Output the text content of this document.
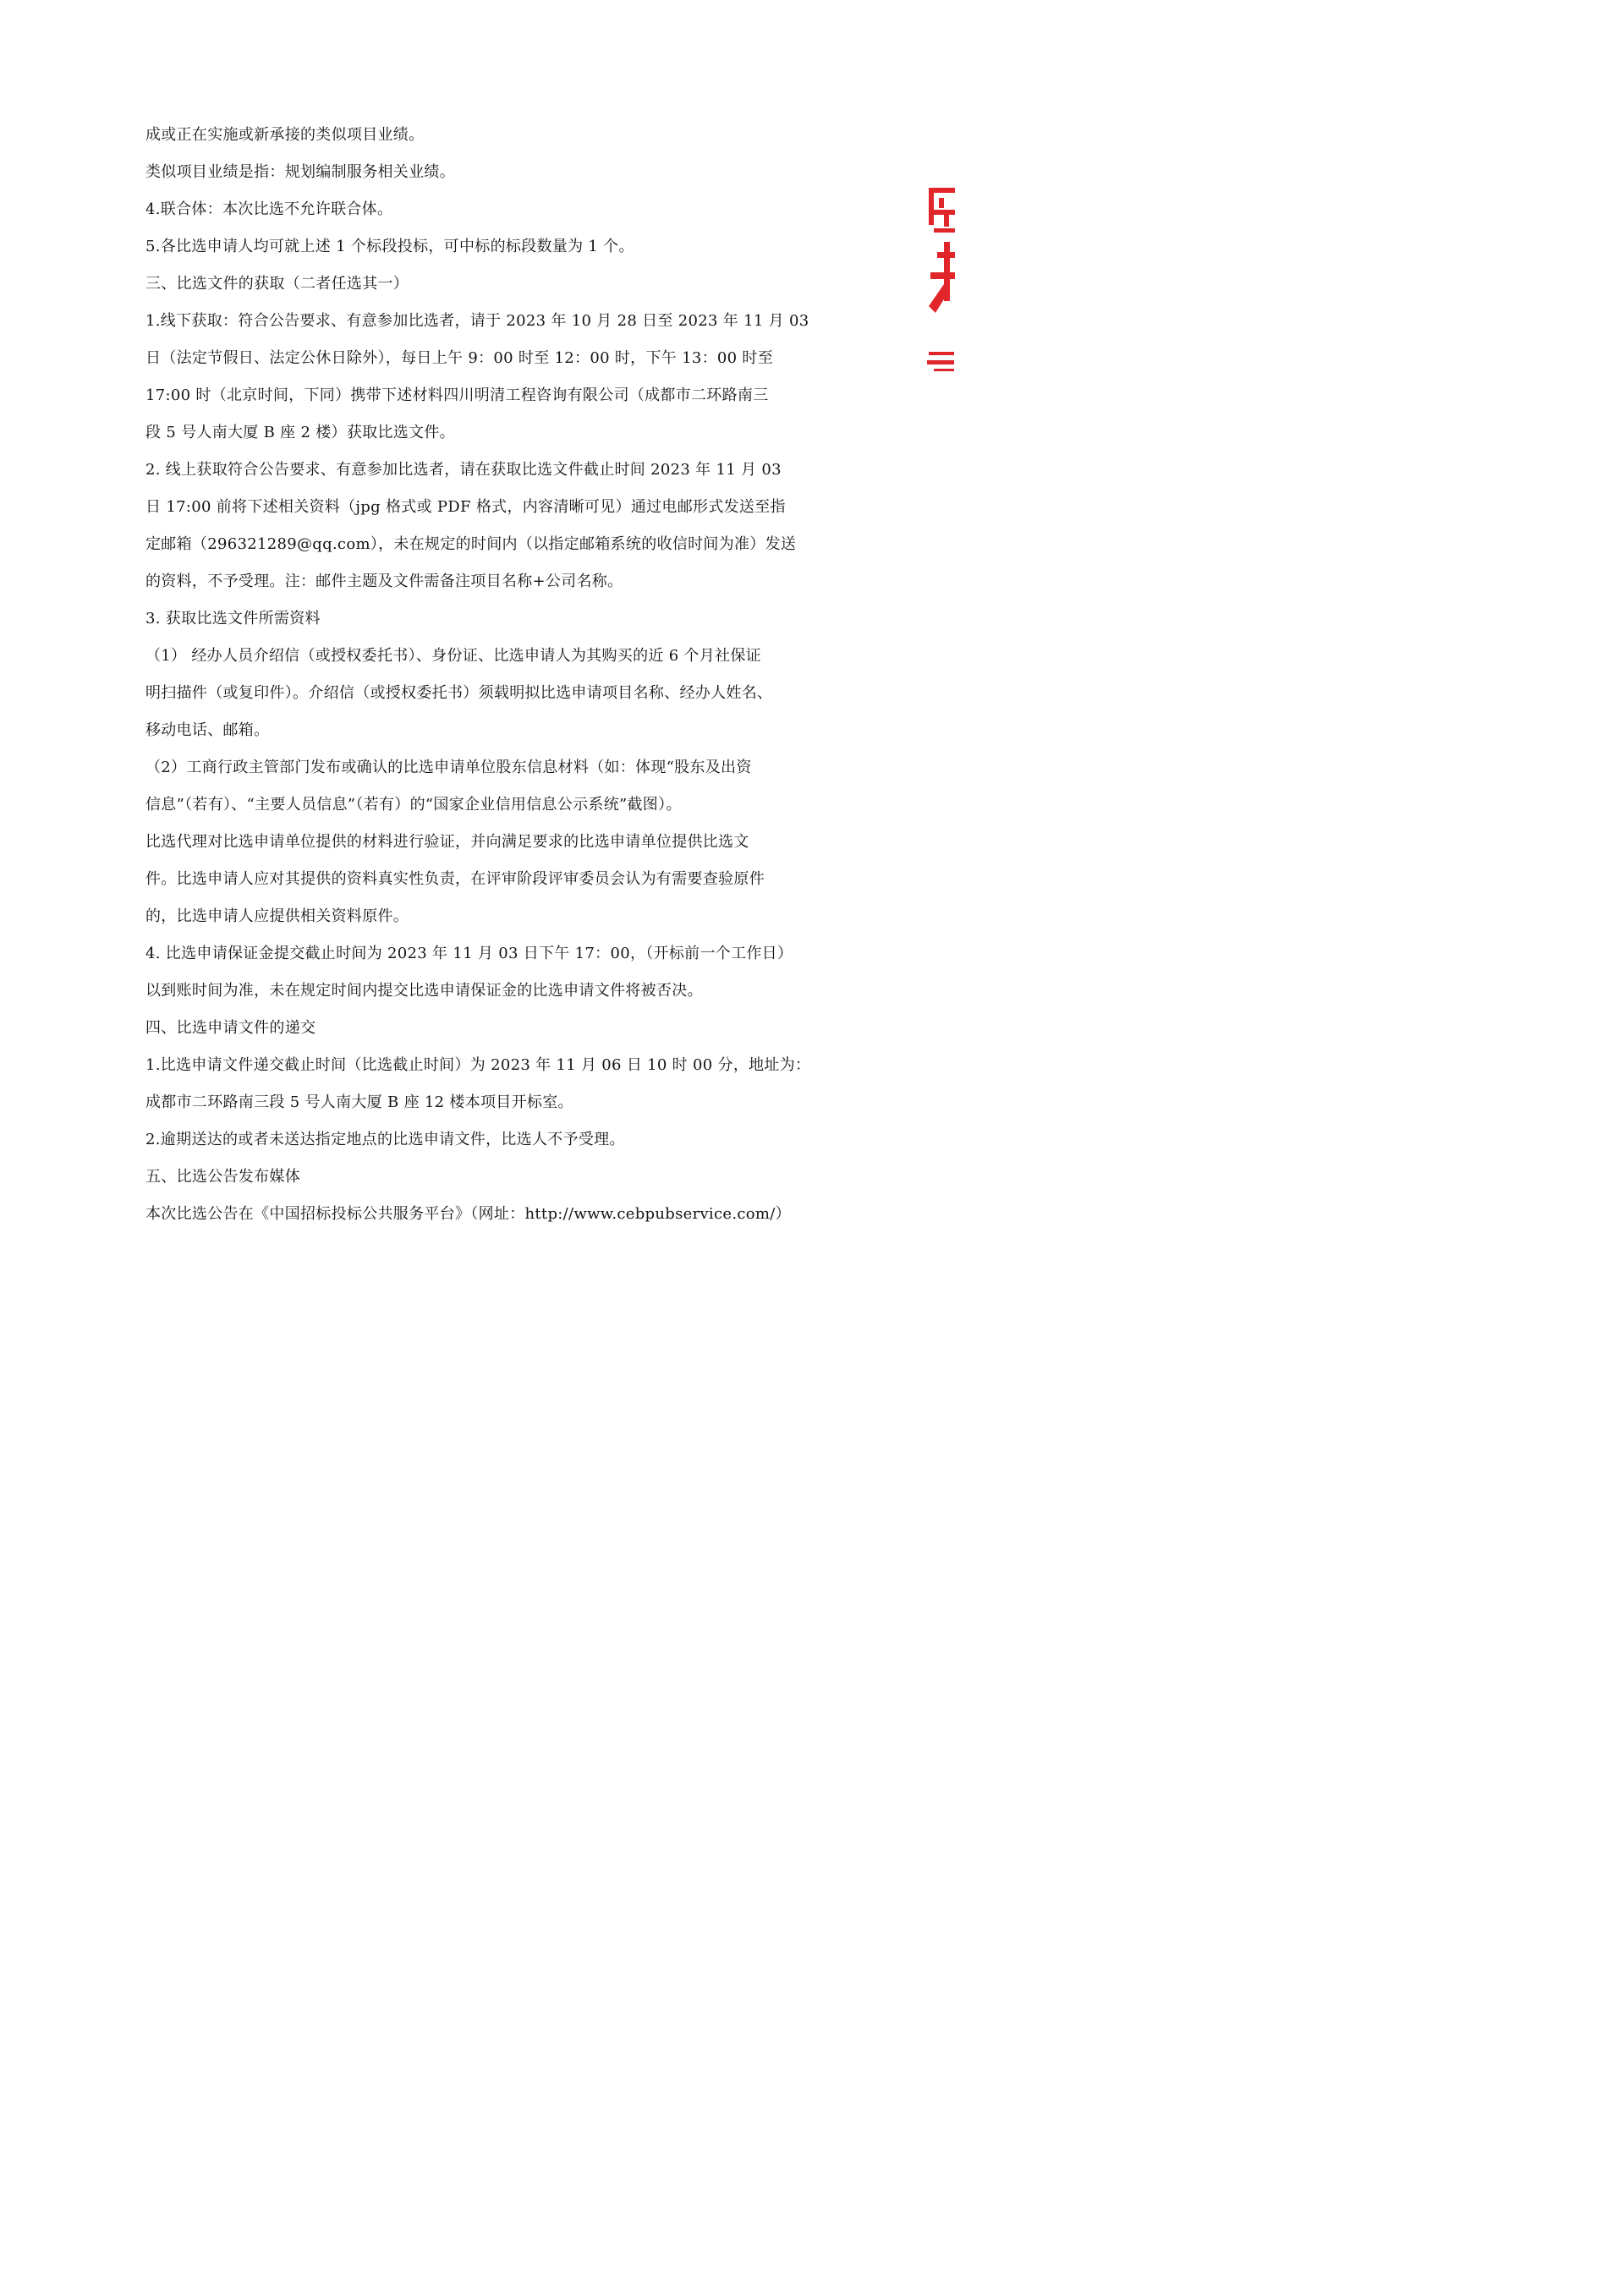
成或正在实施或新承接的类似项目业绩。

类似项目业绩是指：规划编制服务相关业绩。

4.联合体：本次比选不允许联合体。

5.各比选申请人均可就上述 1 个标段投标，可中标的标段数量为 1 个。

三、比选文件的获取（二者任选其一）

1.线下获取：符合公告要求、有意参加比选者，请于 2023 年 10 月 28 日至 2023 年 11 月 03

日（法定节假日、法定公休日除外），每日上午 9：00 时至 12：00 时，下午 13：00 时至

17:00 时（北京时间，下同）携带下述材料四川明清工程咨询有限公司（成都市二环路南三

段 5 号人南大厦 B 座 2 楼）获取比选文件。

2. 线上获取符合公告要求、有意参加比选者，请在获取比选文件截止时间 2023 年 11 月 03

日 17:00 前将下述相关资料（jpg 格式或 PDF 格式，内容清晰可见）通过电邮形式发送至指

定邮箱（296321289@qq.com），未在规定的时间内（以指定邮箱系统的收信时间为准）发送

的资料，不予受理。注：邮件主题及文件需备注项目名称+公司名称。

3. 获取比选文件所需资料

（1） 经办人员介绍信（或授权委托书）、身份证、比选申请人为其购买的近 6 个月社保证

明扫描件（或复印件）。介绍信（或授权委托书）须载明拟比选申请项目名称、经办人姓名、

移动电话、邮箱。

（2）工商行政主管部门发布或确认的比选申请单位股东信息材料（如：体现“股东及出资

信息”（若有）、“主要人员信息”（若有）的“国家企业信用信息公示系统”截图）。

比选代理对比选申请单位提供的材料进行验证，并向满足要求的比选申请单位提供比选文

件。比选申请人应对其提供的资料真实性负责，在评审阶段评审委员会认为有需要查验原件

的，比选申请人应提供相关资料原件。

4. 比选申请保证金提交截止时间为 2023 年 11 月 03 日下午 17：00，（开标前一个工作日）

以到账时间为准，未在规定时间内提交比选申请保证金的比选申请文件将被否决。

四、比选申请文件的递交

1.比选申请文件递交截止时间（比选截止时间）为 2023 年 11 月 06 日 10 时 00 分，地址为：

成都市二环路南三段 5 号人南大厦 B 座 12 楼本项目开标室。

2.逾期送达的或者未送达指定地点的比选申请文件，比选人不予受理。

五、比选公告发布媒体

本次比选公告在《中国招标投标公共服务平台》（网址：http://www.cebpubservice.com/）
